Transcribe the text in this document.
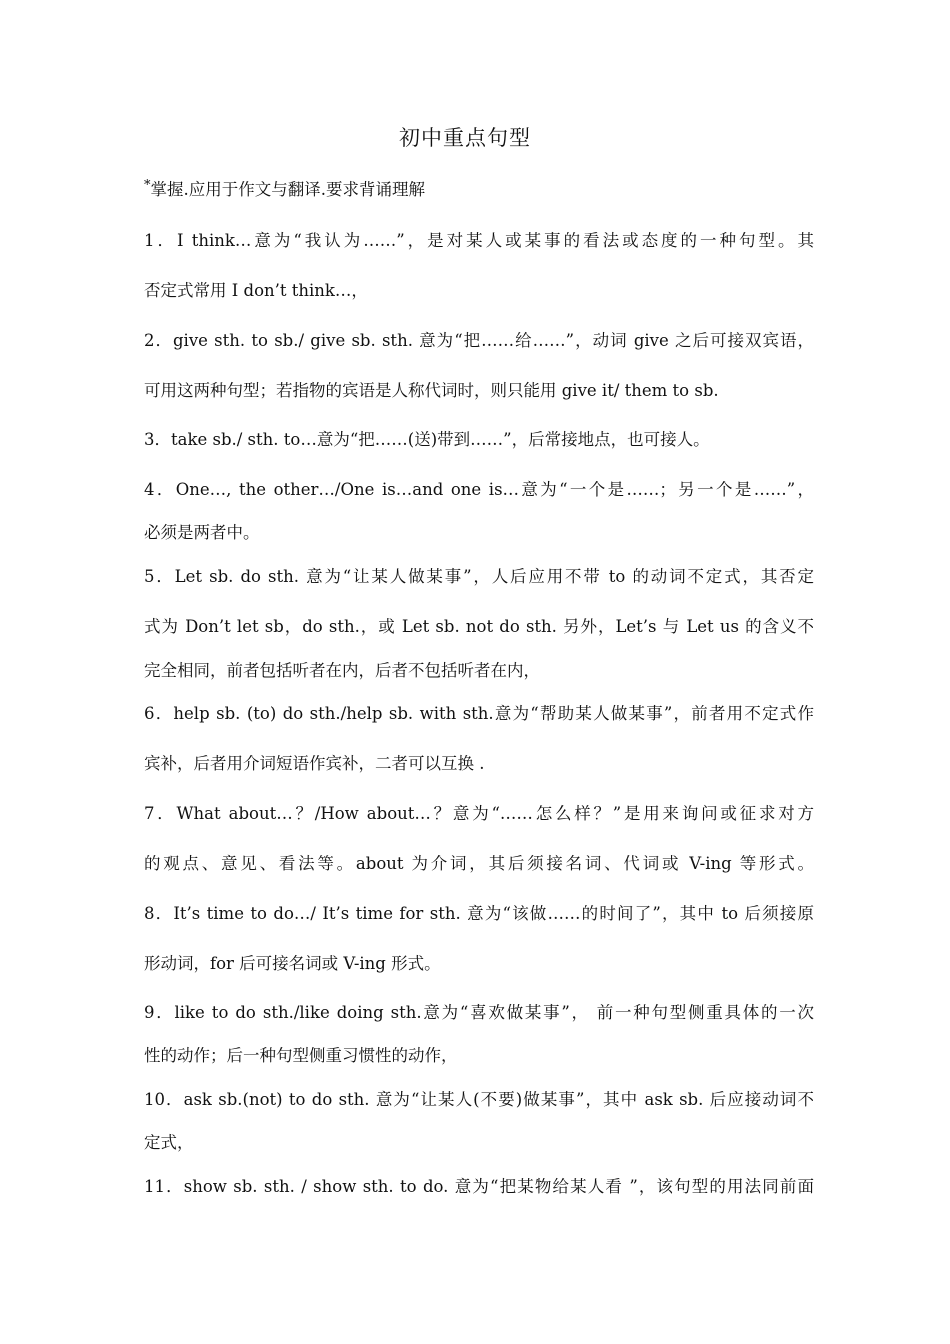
初中重点句型
*掌握.应用于作文与翻译.要求背诵理解
1．I think…意为“我认为……”，是对某人或某事的看法或态度的一种句型。其
否定式常用 I don’t think…，
2．give sth. to sb./ give sb. sth. 意为“把……给……”，动词 give 之后可接双宾语，
可用这两种句型；若指物的宾语是人称代词时，则只能用 give it/ them to sb.
3．take sb./ sth. to…意为“把……(送)带到……”，后常接地点，也可接人。
4．One…, the other…/One is…and one is…意为“一个是……；另一个是……”，
必须是两者中。
5．Let sb. do sth. 意为“让某人做某事”，人后应用不带 to 的动词不定式，其否定
式为 Don’t let sb，do sth.，或 Let sb. not do sth. 另外，Let’s 与 Let us 的含义不
完全相同，前者包括听者在内，后者不包括听者在内，
6．help sb. (to) do sth./help sb. with sth.意为“帮助某人做某事”，前者用不定式作
宾补，后者用介词短语作宾补，二者可以互换 .
7．What about…？/How about…？意为“……怎么样？”是用来询问或征求对方
的观点、意见、看法等。about 为介词，其后须接名词、代词或 V-ing 等形式。
8．It’s time to do…/ It’s time for sth. 意为“该做……的时间了”，其中 to 后须接原
形动词，for 后可接名词或 V-ing 形式。
9．like to do sth./like doing sth.意为“喜欢做某事”， 前一种句型侧重具体的一次
性的动作；后一种句型侧重习惯性的动作，
10．ask sb.(not) to do sth. 意为“让某人(不要)做某事”，其中 ask sb. 后应接动词不
定式，
11．show sb. sth. / show sth. to do. 意为“把某物给某人看 ”，该句型的用法同前面
